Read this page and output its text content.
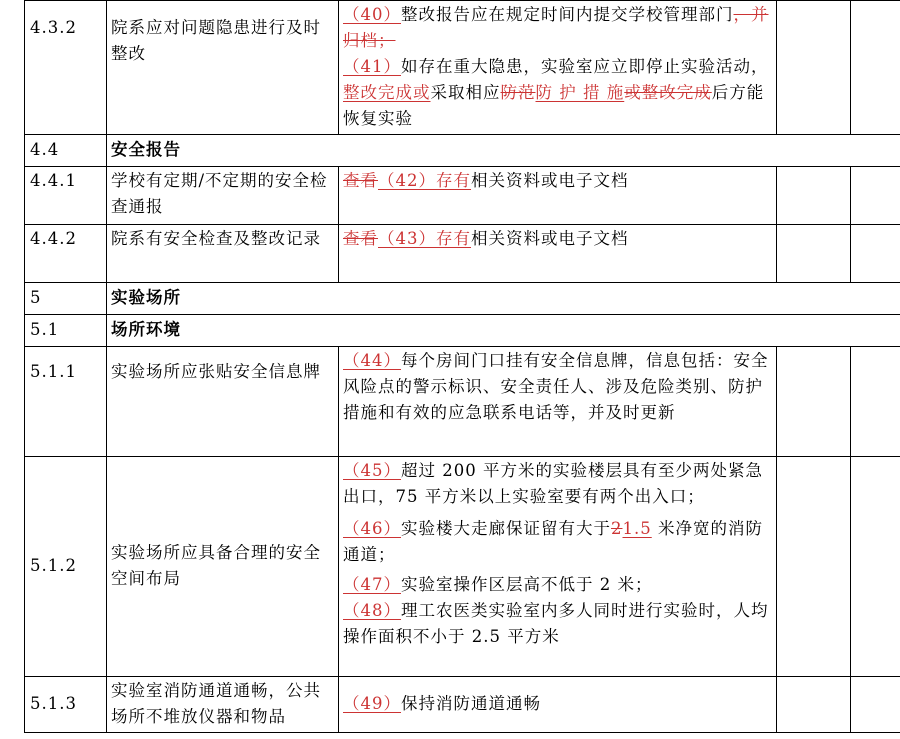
4.3.2	院系应对问题隐患进行及时整改	（40）整改报告应在规定时间内提交学校管理部门，并归档；
（41）如存在重大隐患，实验室应立即停止实验活动，整改完成或采取相应防范防 护 措 施或整改完成后方能恢复实验		

4.4	安全报告			
4.4.1	学校有定期/不定期的安全检查通报	查看（42）存有相关资料或电子文档		
4.4.2	院系有安全检查及整改记录	查看（43）存有相关资料或电子文档		
5	实验场所			
5.1	场所环境			
5.1.1	实验场所应张贴安全信息牌	（44）每个房间门口挂有安全信息牌，信息包括：安全风险点的警示标识、安全责任人、涉及危险类别、防护措施和有效的应急联系电话等，并及时更新		
5.1.2	实验场所应具备合理的安全空间布局	（45）超过 200 平方米的实验楼层具有至少两处紧急出口，75 平方米以上实验室要有两个出入口；
（46）实验楼大走廊保证留有大于21.5 米净宽的消防通道；
（47）实验室操作区层高不低于 2 米；
（48）理工农医类实验室内多人同时进行实验时，人均操作面积不小于 2.5 平方米		

5.1.3	实验室消防通道通畅，公共场所不堆放仪器和物品	（49）保持消防通道通畅		
